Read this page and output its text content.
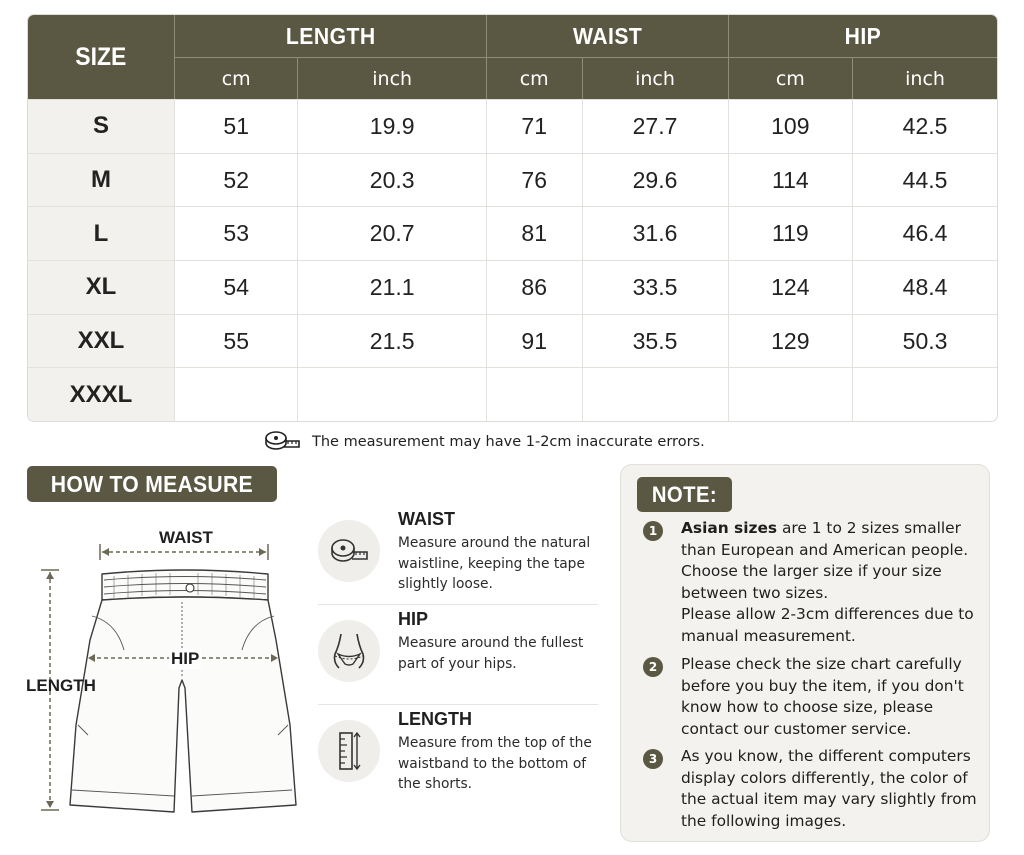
SIZE	LENGTH		WAIST		HIP	
	cm	inch	cm	inch	cm	inch
S	51	19.9	71	27.7	109	42.5
M	52	20.3	76	29.6	114	44.5
L	53	20.7	81	31.6	119	46.4
XL	54	21.1	86	33.5	124	48.4
XXL	55	21.5	91	35.5	129	50.3
XXXL						
The measurement may have 1-2cm inaccurate errors.
HOW TO MEASURE
WAIST
HIP
LENGTH
WAIST
Measure around the natural waistline, keeping the tape slightly loose.
HIP
Measure around the fullest part of your hips.
LENGTH
Measure from the top of the waistband to the bottom of the shorts.
NOTE:
1	Asian sizes are 1 to 2 sizes smaller than European and American people. Choose the larger size if your size between two sizes.
Please allow 2-3cm differences due to manual measurement.
2	Please check the size chart carefully before you buy the item, if you don't know how to choose size, please contact our customer service.
3	As you know, the different computers display colors differently, the color of the actual item may vary slightly from the following images.
